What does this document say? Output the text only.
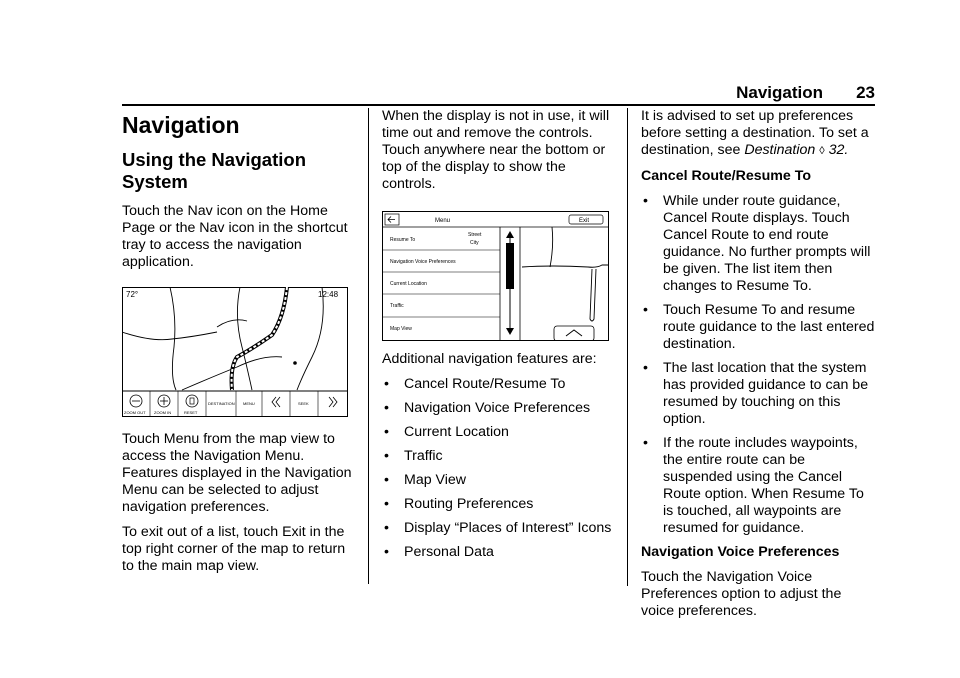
Navigation 23
Navigation
Using the Navigation
System

Touch the Nav icon on the Home Page or the Nav icon in the shortcut tray to access the navigation application.

72°	12:48
ZOOM OUT ZOOM IN	RESET
DESTINATION MENU	SEEK

Touch Menu from the map view to access the Navigation Menu. Features displayed in the Navigation Menu can be selected to adjust navigation preferences.

To exit out of a list, touch Exit in the top right corner of the map to return to the main map view.

When the display is not in use, it will time out and remove the controls. Touch anywhere near the bottom or top of the display to show the controls.

Menu	Exit
Resume To
Street
City
Navigation Voice Preferences
Current Location
Traffic
Map View

Additional navigation features are:

• Cancel Route/Resume To
• Navigation Voice Preferences
• Current Location
• Traffic
• Map View
• Routing Preferences
• Display “Places of Interest” Icons
• Personal Data

It is advised to set up preferences before setting a destination. To set a destination, see Destination ◊ 32.

Cancel Route/Resume To

• While under route guidance, Cancel Route displays. Touch Cancel Route to end route guidance. No further prompts will be given. The list item then changes to Resume To.
• Touch Resume To and resume route guidance to the last entered destination.
• The last location that the system has provided guidance to can be resumed by touching on this option.
• If the route includes waypoints, the entire route can be suspended using the Cancel Route option. When Resume To is touched, all waypoints are resumed for guidance.

Navigation Voice Preferences

Touch the Navigation Voice Preferences option to adjust the voice preferences.
